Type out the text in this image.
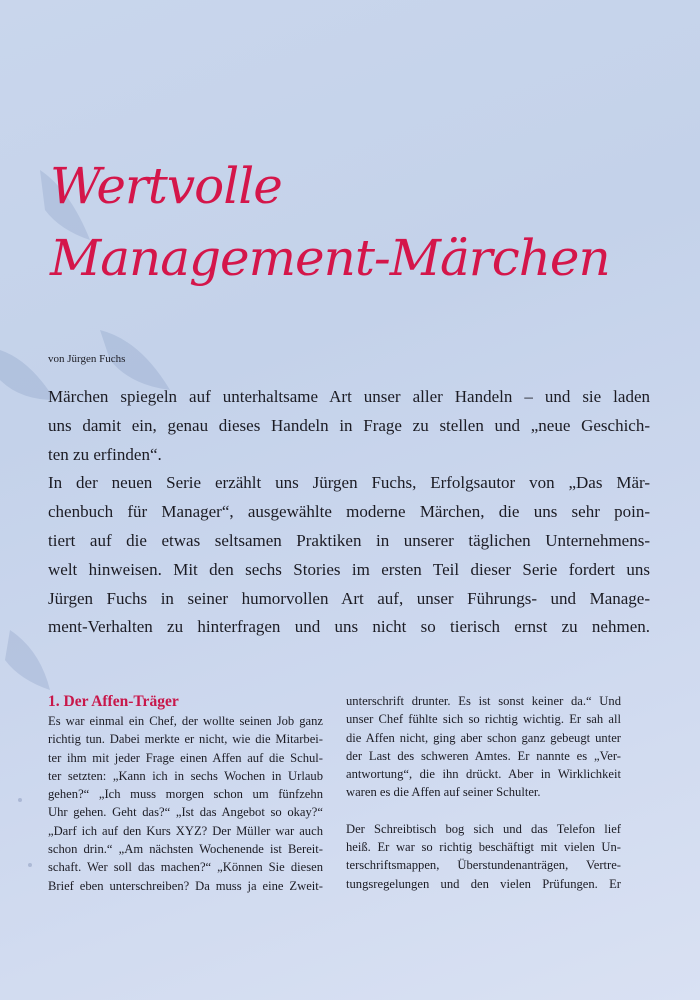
Wertvolle
Management-Märchen
von Jürgen Fuchs
Märchen spiegeln auf unterhaltsame Art unser aller Handeln – und sie laden
uns damit ein, genau dieses Handeln in Frage zu stellen und „neue Geschich-
ten zu erfinden“.
In der neuen Serie erzählt uns Jürgen Fuchs, Erfolgsautor von „Das Mär-
chenbuch für Manager“, ausgewählte moderne Märchen, die uns sehr poin-
tiert auf die etwas seltsamen Praktiken in unserer täglichen Unternehmens-
welt hinweisen. Mit den sechs Stories im ersten Teil dieser Serie fordert uns
Jürgen Fuchs in seiner humorvollen Art auf, unser Führungs- und Manage-
ment-Verhalten zu hinterfragen und uns nicht so tierisch ernst zu nehmen.
1. Der Affen-Träger
Es war einmal ein Chef, der wollte seinen Job ganz
richtig tun. Dabei merkte er nicht, wie die Mitarbei-
ter ihm mit jeder Frage einen Affen auf die Schul-
ter setzten: „Kann ich in sechs Wochen in Urlaub
gehen?“ „Ich muss morgen schon um fünfzehn
Uhr gehen. Geht das?“ „Ist das Angebot so okay?“
„Darf ich auf den Kurs XYZ? Der Müller war auch
schon drin.“ „Am nächsten Wochenende ist Bereit-
schaft. Wer soll das machen?“ „Können Sie diesen
Brief eben unterschreiben? Da muss ja eine Zweit-
unterschrift drunter. Es ist sonst keiner da.“ Und
unser Chef fühlte sich so richtig wichtig. Er sah all
die Affen nicht, ging aber schon ganz gebeugt unter
der Last des schweren Amtes. Er nannte es „Ver-
antwortung“, die ihn drückt. Aber in Wirklichkeit
waren es die Affen auf seiner Schulter.
Der Schreibtisch bog sich und das Telefon lief
heiß. Er war so richtig beschäftigt mit vielen Un-
terschriftsmappen, Überstundenanträgen, Vertre-
tungsregelungen und den vielen Prüfungen. Er
